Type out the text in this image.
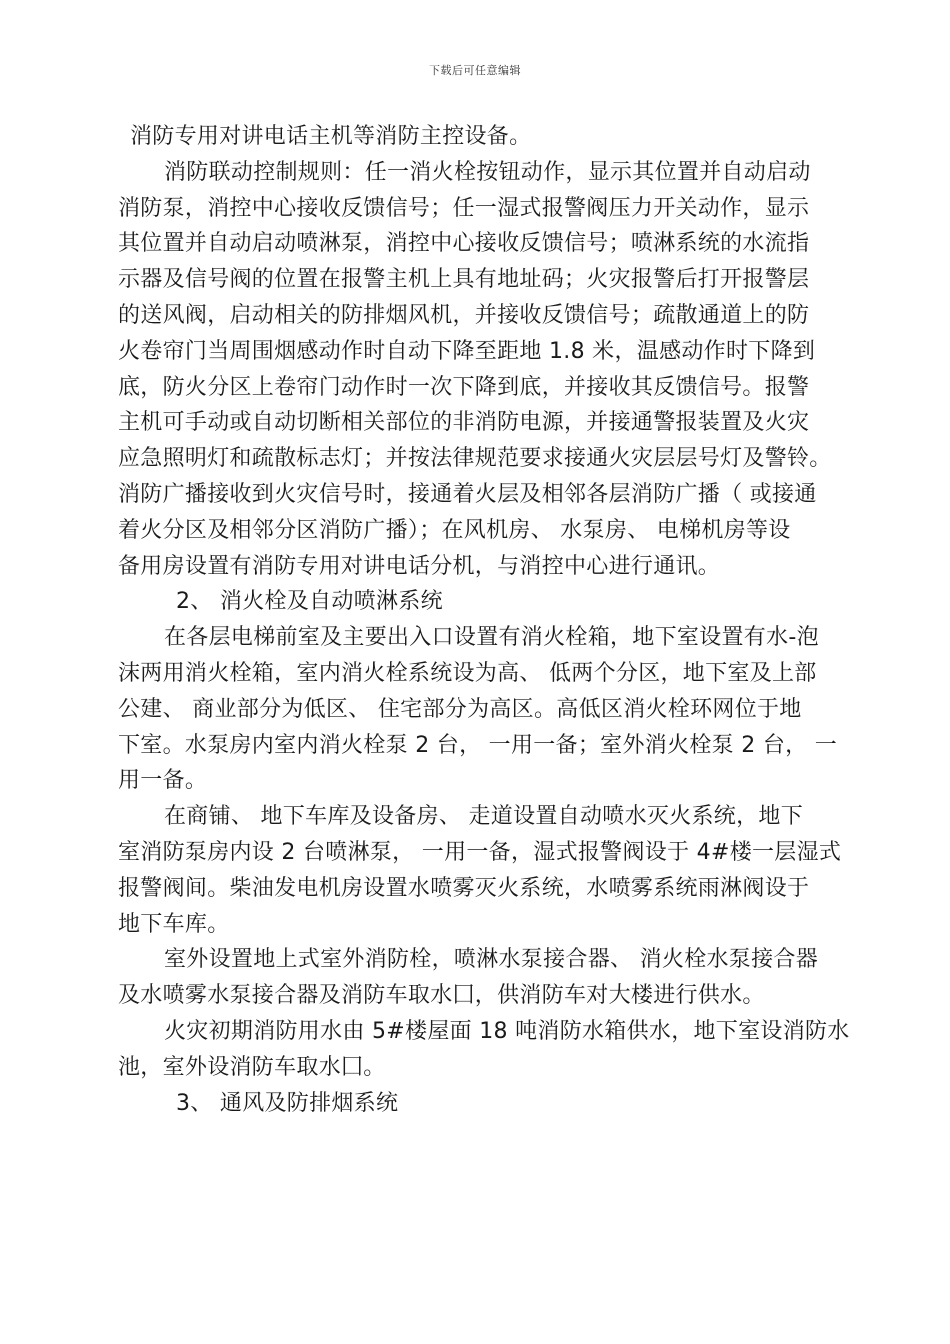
下载后可任意编辑
消防专用对讲电话主机等消防主控设备。
消防联动控制规则：任一消火栓按钮动作，显示其位置并自动启动
消防泵，消控中心接收反馈信号；任一湿式报警阀压力开关动作，显示
其位置并自动启动喷淋泵，消控中心接收反馈信号；喷淋系统的水流指
示器及信号阀的位置在报警主机上具有地址码；火灾报警后打开报警层
的送风阀，启动相关的防排烟风机，并接收反馈信号；疏散通道上的防
火卷帘门当周围烟感动作时自动下降至距地 1.8 米，温感动作时下降到
底，防火分区上卷帘门动作时一次下降到底，并接收其反馈信号。报警
主机可手动或自动切断相关部位的非消防电源，并接通警报装置及火灾
应急照明灯和疏散标志灯；并按法律规范要求接通火灾层层号灯及警铃。
消防广播接收到火灾信号时，接通着火层及相邻各层消防广播（ 或接通
着火分区及相邻分区消防广播）；在风机房、 水泵房、 电梯机房等设
备用房设置有消防专用对讲电话分机，与消控中心进行通讯。
2、 消火栓及自动喷淋系统
在各层电梯前室及主要出入口设置有消火栓箱，地下室设置有水-泡
沫两用消火栓箱，室内消火栓系统设为高、 低两个分区，地下室及上部
公建、 商业部分为低区、 住宅部分为高区。高低区消火栓环网位于地
下室。水泵房内室内消火栓泵 2 台， 一用一备；室外消火栓泵 2 台， 一
用一备。
在商铺、 地下车库及设备房、 走道设置自动喷水灭火系统，地下
室消防泵房内设 2 台喷淋泵， 一用一备，湿式报警阀设于 4#楼一层湿式
报警阀间。柴油发电机房设置水喷雾灭火系统，水喷雾系统雨淋阀设于
地下车库。
室外设置地上式室外消防栓，喷淋水泵接合器、 消火栓水泵接合器
及水喷雾水泵接合器及消防车取水囗，供消防车对大楼进行供水。
火灾初期消防用水由 5#楼屋面 18 吨消防水箱供水，地下室设消防水
池，室外设消防车取水囗。
3、 通风及防排烟系统
